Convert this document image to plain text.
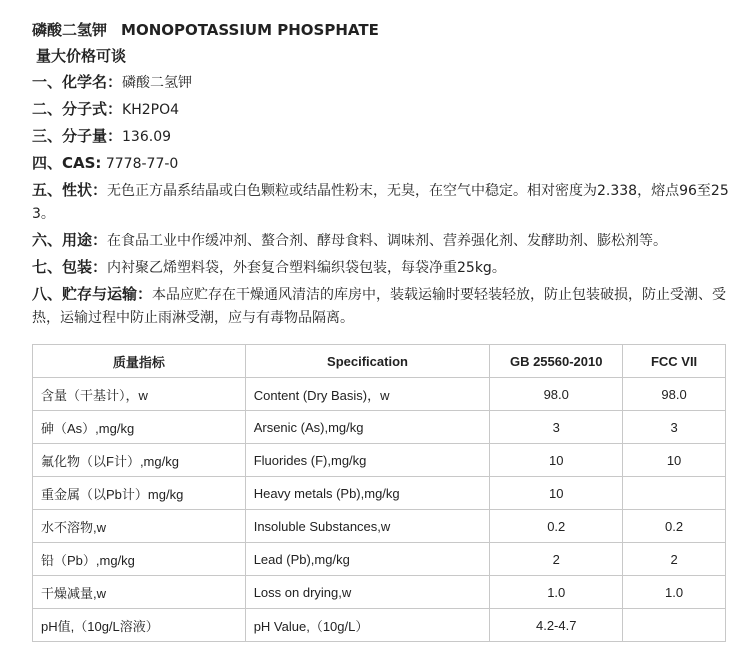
磷酸二氢钾 MONOPOTASSIUM PHOSPHATE
量大价格可谈
一、化学名：磷酸二氢钾
二、分子式：KH2PO4
三、分子量：136.09
四、CAS: 7778-77-0
五、性状：无色正方晶系结晶或白色颗粒或结晶性粉末，无臭，在空气中稳定。相对密度为2.338，熔点96至253。
六、用途：在食品工业中作缓冲剂、螯合剂、酵母食料、调味剂、营养强化剂、发酵助剂、膨松剂等。
七、包装：内衬聚乙烯塑料袋，外套复合塑料编织袋包装，每袋净重25kg。
八、贮存与运输：本品应贮存在干燥通风清洁的库房中，装载运输时要轻装轻放，防止包装破损，防止受潮、受热，运输过程中防止雨淋受潮，应与有毒物品隔离。
质量指标	Specification	GB 25560-2010	FCC VII
含量（干基计），w	Content (Dry Basis)，w	98.0	98.0
砷（As）,mg/kg	Arsenic (As),mg/kg	3	3
氟化物（以F计）,mg/kg	Fluorides (F),mg/kg	10	10
重金属（以Pb计）mg/kg	Heavy metals (Pb),mg/kg	10	
水不溶物,w	Insoluble Substances,w	0.2	0.2
铅（Pb）,mg/kg	Lead (Pb),mg/kg	2	2
干燥减量,w	Loss on drying,w	1.0	1.0
pH值,（10g/L溶液）	pH Value,（10g/L）	4.2-4.7	
